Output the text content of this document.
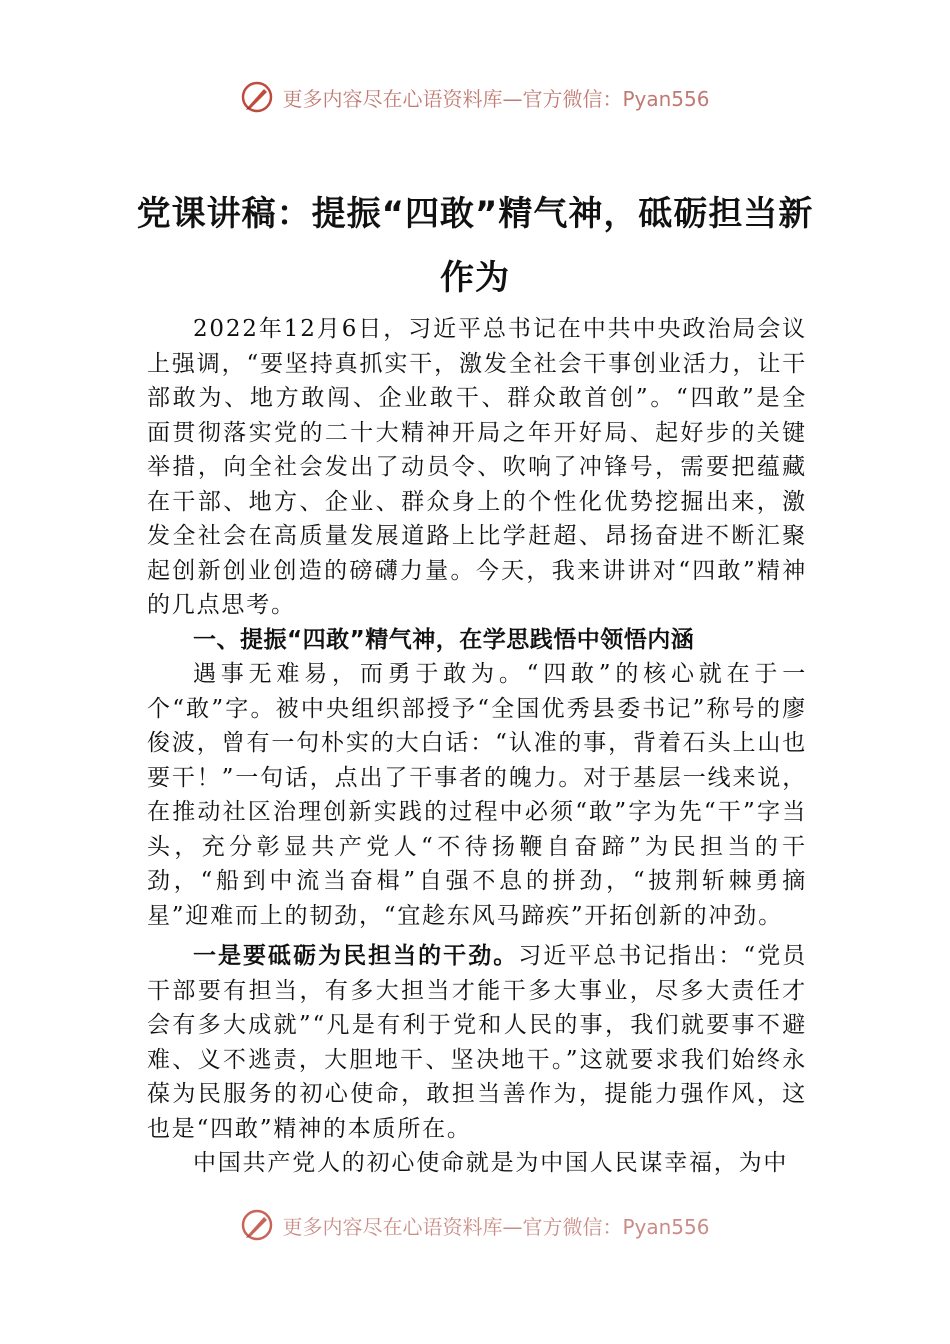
更多内容尽在心语资料库—官方微信：Pyan556
党课讲稿：提振“四敢”精气神，砥砺担当新作为

2022年12月6日，习近平总书记在中共中央政治局会议上强调，“要坚持真抓实干，激发全社会干事创业活力，让干部敢为、地方敢闯、企业敢干、群众敢首创”。“四敢”是全面贯彻落实党的二十大精神开局之年开好局、起好步的关键举措，向全社会发出了动员令、吹响了冲锋号，需要把蕴藏在干部、地方、企业、群众身上的个性化优势挖掘出来，激发全社会在高质量发展道路上比学赶超、昂扬奋进不断汇聚起创新创业创造的磅礴力量。今天，我来讲讲对“四敢”精神的几点思考。

一、提振“四敢”精气神，在学思践悟中领悟内涵

遇事无难易，而勇于敢为。“四敢”的核心就在于一个“敢”字。被中央组织部授予“全国优秀县委书记”称号的廖俊波，曾有一句朴实的大白话：“认准的事，背着石头上山也要干！”一句话，点出了干事者的魄力。对于基层一线来说，在推动社区治理创新实践的过程中必须“敢”字为先“干”字当头，充分彰显共产党人“不待扬鞭自奋蹄”为民担当的干劲，“船到中流当奋楫”自强不息的拼劲，“披荆斩棘勇摘星”迎难而上的韧劲，“宜趁东风马蹄疾”开拓创新的冲劲。

一是要砥砺为民担当的干劲。习近平总书记指出：“党员干部要有担当，有多大担当才能干多大事业，尽多大责任才会有多大成就”“凡是有利于党和人民的事，我们就要事不避难、义不逃责，大胆地干、坚决地干。”这就要求我们始终永葆为民服务的初心使命，敢担当善作为，提能力强作风，这也是“四敢”精神的本质所在。

中国共产党人的初心使命就是为中国人民谋幸福，为中

更多内容尽在心语资料库—官方微信：Pyan556
